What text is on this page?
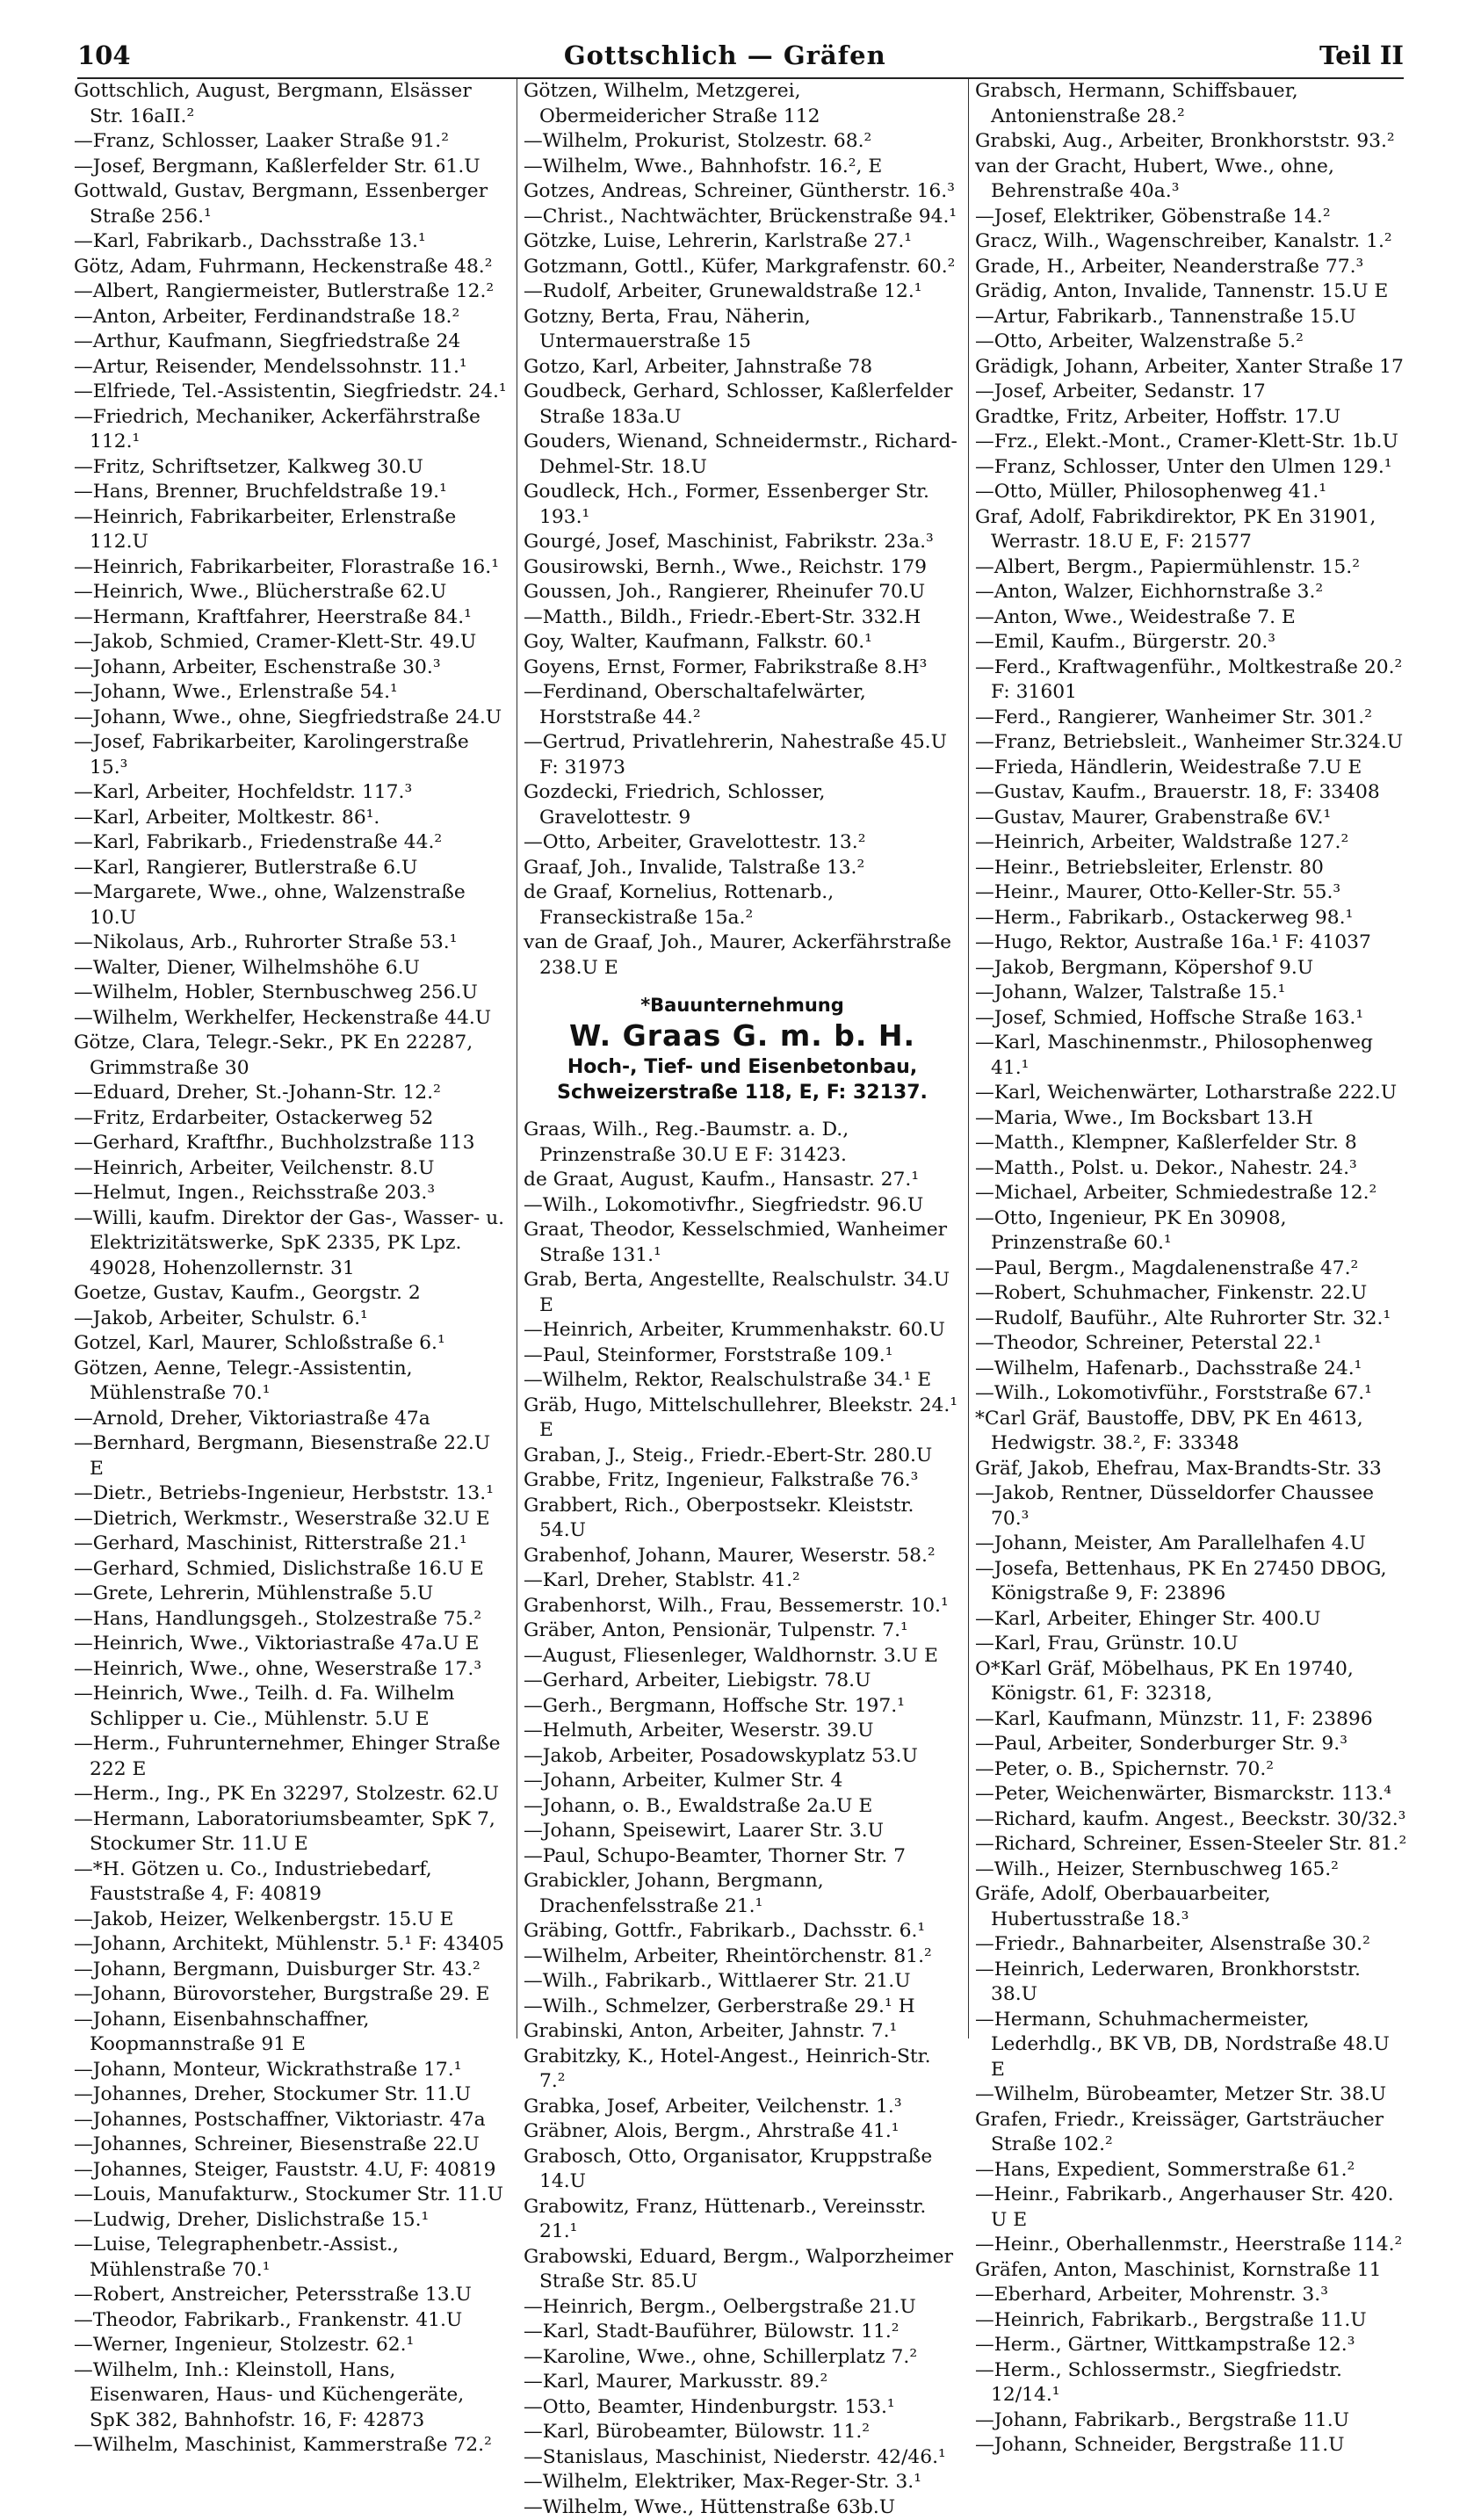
104	Gottschlich — Gräfen	Teil II
Gottschlich, August, Bergmann, Elsässer Str. 16aII.²
—Franz, Schlosser, Laaker Straße 91.²
—Josef, Bergmann, Kaßlerfelder Str. 61.U
Gottwald, Gustav, Bergmann, Essenberger Straße 256.¹
—Karl, Fabrikarb., Dachsstraße 13.¹
Götz, Adam, Fuhrmann, Heckenstraße 48.²
—Albert, Rangiermeister, Butlerstraße 12.²
—Anton, Arbeiter, Ferdinandstraße 18.²
—Arthur, Kaufmann, Siegfriedstraße 24
—Artur, Reisender, Mendelssohnstr. 11.¹
—Elfriede, Tel.-Assistentin, Siegfriedstr. 24.¹
—Friedrich, Mechaniker, Ackerfährstraße 112.¹
—Fritz, Schriftsetzer, Kalkweg 30.U
—Hans, Brenner, Bruchfeldstraße 19.¹
—Heinrich, Fabrikarbeiter, Erlenstraße 112.U
—Heinrich, Fabrikarbeiter, Florastraße 16.¹
—Heinrich, Wwe., Blücherstraße 62.U
—Hermann, Kraftfahrer, Heerstraße 84.¹
—Jakob, Schmied, Cramer-Klett-Str. 49.U
—Johann, Arbeiter, Eschenstraße 30.³
—Johann, Wwe., Erlenstraße 54.¹
—Johann, Wwe., ohne, Siegfriedstraße 24.U
—Josef, Fabrikarbeiter, Karolingerstraße 15.³
—Karl, Arbeiter, Hochfeldstr. 117.³
—Karl, Arbeiter, Moltkestr. 86¹.
—Karl, Fabrikarb., Friedenstraße 44.²
—Karl, Rangierer, Butlerstraße 6.U
—Margarete, Wwe., ohne, Walzenstraße 10.U
—Nikolaus, Arb., Ruhrorter Straße 53.¹
—Walter, Diener, Wilhelmshöhe 6.U
—Wilhelm, Hobler, Sternbuschweg 256.U
—Wilhelm, Werkhelfer, Heckenstraße 44.U
Götze, Clara, Telegr.-Sekr., PK En 22287, Grimmstraße 30
—Eduard, Dreher, St.-Johann-Str. 12.²
—Fritz, Erdarbeiter, Ostackerweg 52
—Gerhard, Kraftfhr., Buchholzstraße 113
—Heinrich, Arbeiter, Veilchenstr. 8.U
—Helmut, Ingen., Reichsstraße 203.³
—Willi, kaufm. Direktor der Gas-, Wasser- u. Elektrizitätswerke, SpK 2335, PK Lpz. 49028, Hohenzollernstr. 31
Goetze, Gustav, Kaufm., Georgstr. 2
—Jakob, Arbeiter, Schulstr. 6.¹
Gotzel, Karl, Maurer, Schloßstraße 6.¹
Götzen, Aenne, Telegr.-Assistentin, Mühlenstraße 70.¹
—Arnold, Dreher, Viktoriastraße 47a
—Bernhard, Bergmann, Biesenstraße 22.U E
—Dietr., Betriebs-Ingenieur, Herbststr. 13.¹
—Dietrich, Werkmstr., Weserstraße 32.U E
—Gerhard, Maschinist, Ritterstraße 21.¹
—Gerhard, Schmied, Dislichstraße 16.U E
—Grete, Lehrerin, Mühlenstraße 5.U
—Hans, Handlungsgeh., Stolzestraße 75.²
—Heinrich, Wwe., Viktoriastraße 47a.U E
—Heinrich, Wwe., ohne, Weserstraße 17.³
—Heinrich, Wwe., Teilh. d. Fa. Wilhelm Schlipper u. Cie., Mühlenstr. 5.U E
—Herm., Fuhrunternehmer, Ehinger Straße 222 E
—Herm., Ing., PK En 32297, Stolzestr. 62.U
—Hermann, Laboratoriumsbeamter, SpK 7, Stockumer Str. 11.U E
—*H. Götzen u. Co., Industriebedarf, Fauststraße 4, F: 40819
—Jakob, Heizer, Welkenbergstr. 15.U E
—Johann, Architekt, Mühlenstr. 5.¹ F: 43405
—Johann, Bergmann, Duisburger Str. 43.²
—Johann, Bürovorsteher, Burgstraße 29. E
—Johann, Eisenbahnschaffner, Koopmannstraße 91 E
—Johann, Monteur, Wickrathstraße 17.¹
—Johannes, Dreher, Stockumer Str. 11.U
—Johannes, Postschaffner, Viktoriastr. 47a
—Johannes, Schreiner, Biesenstraße 22.U
—Johannes, Steiger, Fauststr. 4.U, F: 40819
—Louis, Manufakturw., Stockumer Str. 11.U
—Ludwig, Dreher, Dislichstraße 15.¹
—Luise, Telegraphenbetr.-Assist., Mühlenstraße 70.¹
—Robert, Anstreicher, Petersstraße 13.U
—Theodor, Fabrikarb., Frankenstr. 41.U
—Werner, Ingenieur, Stolzestr. 62.¹
—Wilhelm, Inh.: Kleinstoll, Hans, Eisenwaren, Haus- und Küchengeräte, SpK 382, Bahnhofstr. 16, F: 42873
—Wilhelm, Maschinist, Kammerstraße 72.²
Götzen, Wilhelm, Metzgerei, Obermeidericher Straße 112
—Wilhelm, Prokurist, Stolzestr. 68.²
—Wilhelm, Wwe., Bahnhofstr. 16.², E
Gotzes, Andreas, Schreiner, Güntherstr. 16.³
—Christ., Nachtwächter, Brückenstraße 94.¹
Götzke, Luise, Lehrerin, Karlstraße 27.¹
Gotzmann, Gottl., Küfer, Markgrafenstr. 60.²
—Rudolf, Arbeiter, Grunewaldstraße 12.¹
Gotzny, Berta, Frau, Näherin, Untermauerstraße 15
Gotzo, Karl, Arbeiter, Jahnstraße 78
Goudbeck, Gerhard, Schlosser, Kaßlerfelder Straße 183a.U
Gouders, Wienand, Schneidermstr., Richard-Dehmel-Str. 18.U
Goudleck, Hch., Former, Essenberger Str. 193.¹
Gourgé, Josef, Maschinist, Fabrikstr. 23a.³
Gousirowski, Bernh., Wwe., Reichstr. 179
Goussen, Joh., Rangierer, Rheinufer 70.U
—Matth., Bildh., Friedr.-Ebert-Str. 332.H
Goy, Walter, Kaufmann, Falkstr. 60.¹
Goyens, Ernst, Former, Fabrikstraße 8.H³
—Ferdinand, Oberschaltafelwärter, Horststraße 44.²
—Gertrud, Privatlehrerin, Nahestraße 45.U F: 31973
Gozdecki, Friedrich, Schlosser, Gravelottestr. 9
—Otto, Arbeiter, Gravelottestr. 13.²
Graaf, Joh., Invalide, Talstraße 13.²
de Graaf, Kornelius, Rottenarb., Franseckistraße 15a.²
van de Graaf, Joh., Maurer, Ackerfährstraße 238.U E
*Bauunternehmung
W. Graas G. m. b. H.
Hoch-, Tief- und Eisenbetonbau,
Schweizerstraße 118, E, F: 32137.
Graas, Wilh., Reg.-Baumstr. a. D., Prinzenstraße 30.U E F: 31423.
de Graat, August, Kaufm., Hansastr. 27.¹
—Wilh., Lokomotivfhr., Siegfriedstr. 96.U
Graat, Theodor, Kesselschmied, Wanheimer Straße 131.¹
Grab, Berta, Angestellte, Realschulstr. 34.U E
—Heinrich, Arbeiter, Krummenhakstr. 60.U
—Paul, Steinformer, Forststraße 109.¹
—Wilhelm, Rektor, Realschulstraße 34.¹ E
Gräb, Hugo, Mittelschullehrer, Bleekstr. 24.¹ E
Graban, J., Steig., Friedr.-Ebert-Str. 280.U
Grabbe, Fritz, Ingenieur, Falkstraße 76.³
Grabbert, Rich., Oberpostsekr. Kleiststr. 54.U
Grabenhof, Johann, Maurer, Weserstr. 58.²
—Karl, Dreher, Stablstr. 41.²
Grabenhorst, Wilh., Frau, Bessemerstr. 10.¹
Gräber, Anton, Pensionär, Tulpenstr. 7.¹
—August, Fliesenleger, Waldhornstr. 3.U E
—Gerhard, Arbeiter, Liebigstr. 78.U
—Gerh., Bergmann, Hoffsche Str. 197.¹
—Helmuth, Arbeiter, Weserstr. 39.U
—Jakob, Arbeiter, Posadowskyplatz 53.U
—Johann, Arbeiter, Kulmer Str. 4
—Johann, o. B., Ewaldstraße 2a.U E
—Johann, Speisewirt, Laarer Str. 3.U
—Paul, Schupo-Beamter, Thorner Str. 7
Grabickler, Johann, Bergmann, Drachenfelsstraße 21.¹
Gräbing, Gottfr., Fabrikarb., Dachsstr. 6.¹
—Wilhelm, Arbeiter, Rheintörchenstr. 81.²
—Wilh., Fabrikarb., Wittlaerer Str. 21.U
—Wilh., Schmelzer, Gerberstraße 29.¹ H
Grabinski, Anton, Arbeiter, Jahnstr. 7.¹
Grabitzky, K., Hotel-Angest., Heinrich-Str. 7.²
Grabka, Josef, Arbeiter, Veilchenstr. 1.³
Gräbner, Alois, Bergm., Ahrstraße 41.¹
Grabosch, Otto, Organisator, Kruppstraße 14.U
Grabowitz, Franz, Hüttenarb., Vereinsstr. 21.¹
Grabowski, Eduard, Bergm., Walporzheimer Straße Str. 85.U
—Heinrich, Bergm., Oelbergstraße 21.U
—Karl, Stadt-Bauführer, Bülowstr. 11.²
—Karoline, Wwe., ohne, Schillerplatz 7.²
—Karl, Maurer, Markusstr. 89.²
—Otto, Beamter, Hindenburgstr. 153.¹
—Karl, Bürobeamter, Bülowstr. 11.²
—Stanislaus, Maschinist, Niederstr. 42/46.¹
—Wilhelm, Elektriker, Max-Reger-Str. 3.¹
—Wilhelm, Wwe., Hüttenstraße 63b.U
Grabsch, Hermann, Schiffsbauer, Antonienstraße 28.²
Grabski, Aug., Arbeiter, Bronkhorststr. 93.²
van der Gracht, Hubert, Wwe., ohne, Behrenstraße 40a.³
—Josef, Elektriker, Göbenstraße 14.²
Gracz, Wilh., Wagenschreiber, Kanalstr. 1.²
Grade, H., Arbeiter, Neanderstraße 77.³
Grädig, Anton, Invalide, Tannenstr. 15.U E
—Artur, Fabrikarb., Tannenstraße 15.U
—Otto, Arbeiter, Walzenstraße 5.²
Grädigk, Johann, Arbeiter, Xanter Straße 17
—Josef, Arbeiter, Sedanstr. 17
Gradtke, Fritz, Arbeiter, Hoffstr. 17.U
—Frz., Elekt.-Mont., Cramer-Klett-Str. 1b.U
—Franz, Schlosser, Unter den Ulmen 129.¹
—Otto, Müller, Philosophenweg 41.¹
Graf, Adolf, Fabrikdirektor, PK En 31901, Werrastr. 18.U E, F: 21577
—Albert, Bergm., Papiermühlenstr. 15.²
—Anton, Walzer, Eichhornstraße 3.²
—Anton, Wwe., Weidestraße 7. E
—Emil, Kaufm., Bürgerstr. 20.³
—Ferd., Kraftwagenführ., Moltkestraße 20.² F: 31601
—Ferd., Rangierer, Wanheimer Str. 301.²
—Franz, Betriebsleit., Wanheimer Str.324.U
—Frieda, Händlerin, Weidestraße 7.U E
—Gustav, Kaufm., Brauerstr. 18, F: 33408
—Gustav, Maurer, Grabenstraße 6V.¹
—Heinrich, Arbeiter, Waldstraße 127.²
—Heinr., Betriebsleiter, Erlenstr. 80
—Heinr., Maurer, Otto-Keller-Str. 55.³
—Herm., Fabrikarb., Ostackerweg 98.¹
—Hugo, Rektor, Austraße 16a.¹ F: 41037
—Jakob, Bergmann, Köpershof 9.U
—Johann, Walzer, Talstraße 15.¹
—Josef, Schmied, Hoffsche Straße 163.¹
—Karl, Maschinenmstr., Philosophenweg 41.¹
—Karl, Weichenwärter, Lotharstraße 222.U
—Maria, Wwe., Im Bocksbart 13.H
—Matth., Klempner, Kaßlerfelder Str. 8
—Matth., Polst. u. Dekor., Nahestr. 24.³
—Michael, Arbeiter, Schmiedestraße 12.²
—Otto, Ingenieur, PK En 30908, Prinzenstraße 60.¹
—Paul, Bergm., Magdalenenstraße 47.²
—Robert, Schuhmacher, Finkenstr. 22.U
—Rudolf, Bauführ., Alte Ruhrorter Str. 32.¹
—Theodor, Schreiner, Peterstal 22.¹
—Wilhelm, Hafenarb., Dachsstraße 24.¹
—Wilh., Lokomotivführ., Forststraße 67.¹
*Carl Gräf, Baustoffe, DBV, PK En 4613, Hedwigstr. 38.², F: 33348
Gräf, Jakob, Ehefrau, Max-Brandts-Str. 33
—Jakob, Rentner, Düsseldorfer Chaussee 70.³
—Johann, Meister, Am Parallelhafen 4.U
—Josefa, Bettenhaus, PK En 27450 DBOG, Königstraße 9, F: 23896
—Karl, Arbeiter, Ehinger Str. 400.U
—Karl, Frau, Grünstr. 10.U
O*Karl Gräf, Möbelhaus, PK En 19740, Königstr. 61, F: 32318,
—Karl, Kaufmann, Münzstr. 11, F: 23896
—Paul, Arbeiter, Sonderburger Str. 9.³
—Peter, o. B., Spichernstr. 70.²
—Peter, Weichenwärter, Bismarckstr. 113.⁴
—Richard, kaufm. Angest., Beeckstr. 30/32.³
—Richard, Schreiner, Essen-Steeler Str. 81.²
—Wilh., Heizer, Sternbuschweg 165.²
Gräfe, Adolf, Oberbauarbeiter, Hubertusstraße 18.³
—Friedr., Bahnarbeiter, Alsenstraße 30.²
—Heinrich, Lederwaren, Bronkhorststr. 38.U
—Hermann, Schuhmachermeister, Lederhdlg., BK VB, DB, Nordstraße 48.U E
—Wilhelm, Bürobeamter, Metzer Str. 38.U
Grafen, Friedr., Kreissäger, Gartsträucher Straße 102.²
—Hans, Expedient, Sommerstraße 61.²
—Heinr., Fabrikarb., Angerhauser Str. 420. U E
—Heinr., Oberhallenmstr., Heerstraße 114.²
Gräfen, Anton, Maschinist, Kornstraße 11
—Eberhard, Arbeiter, Mohrenstr. 3.³
—Heinrich, Fabrikarb., Bergstraße 11.U
—Herm., Gärtner, Wittkampstraße 12.³
—Herm., Schlossermstr., Siegfriedstr. 12/14.¹
—Johann, Fabrikarb., Bergstraße 11.U
—Johann, Schneider, Bergstraße 11.U
